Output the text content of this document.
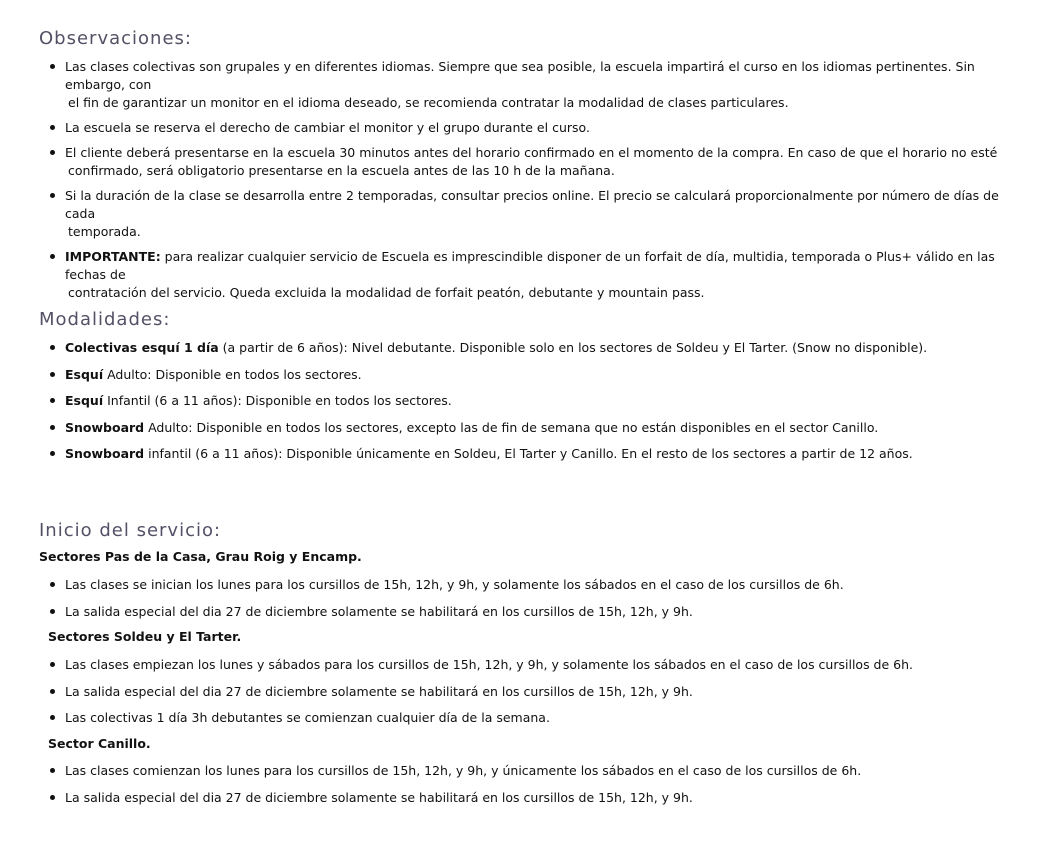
Observaciones:
Las clases colectivas son grupales y en diferentes idiomas. Siempre que sea posible, la escuela impartirá el curso en los idiomas pertinentes. Sin embargo, con
el fin de garantizar un monitor en el idioma deseado, se recomienda contratar la modalidad de clases particulares.
La escuela se reserva el derecho de cambiar el monitor y el grupo durante el curso.
El cliente deberá presentarse en la escuela 30 minutos antes del horario confirmado en el momento de la compra. En caso de que el horario no esté
confirmado, será obligatorio presentarse en la escuela antes de las 10 h de la mañana.
Si la duración de la clase se desarrolla entre 2 temporadas, consultar precios online. El precio se calculará proporcionalmente por número de días de cada
temporada.
IMPORTANTE: para realizar cualquier servicio de Escuela es imprescindible disponer de un forfait de día, multidia, temporada o Plus+ válido en las fechas de
contratación del servicio. Queda excluida la modalidad de forfait peatón, debutante y mountain pass.
Modalidades:
Colectivas esquí 1 día (a partir de 6 años): Nivel debutante. Disponible solo en los sectores de Soldeu y El Tarter. (Snow no disponible).
Esquí Adulto: Disponible en todos los sectores.
Esquí Infantil (6 a 11 años): Disponible en todos los sectores.
Snowboard Adulto: Disponible en todos los sectores, excepto las de fin de semana que no están disponibles en el sector Canillo.
Snowboard infantil (6 a 11 años): Disponible únicamente en Soldeu, El Tarter y Canillo. En el resto de los sectores a partir de 12 años.
Inicio del servicio:
Sectores Pas de la Casa, Grau Roig y Encamp.
Las clases se inician los lunes para los cursillos de 15h, 12h, y 9h, y solamente los sábados en el caso de los cursillos de 6h.
La salida especial del dia 27 de diciembre solamente se habilitará en los cursillos de 15h, 12h, y 9h.
Sectores Soldeu y El Tarter.
Las clases empiezan los lunes y sábados para los cursillos de 15h, 12h, y 9h, y solamente los sábados en el caso de los cursillos de 6h.
La salida especial del dia 27 de diciembre solamente se habilitará en los cursillos de 15h, 12h, y 9h.
Las colectivas 1 día 3h debutantes se comienzan cualquier día de la semana.
Sector Canillo.
Las clases comienzan los lunes para los cursillos de 15h, 12h, y 9h, y únicamente los sábados en el caso de los cursillos de 6h.
La salida especial del dia 27 de diciembre solamente se habilitará en los cursillos de 15h, 12h, y 9h.
